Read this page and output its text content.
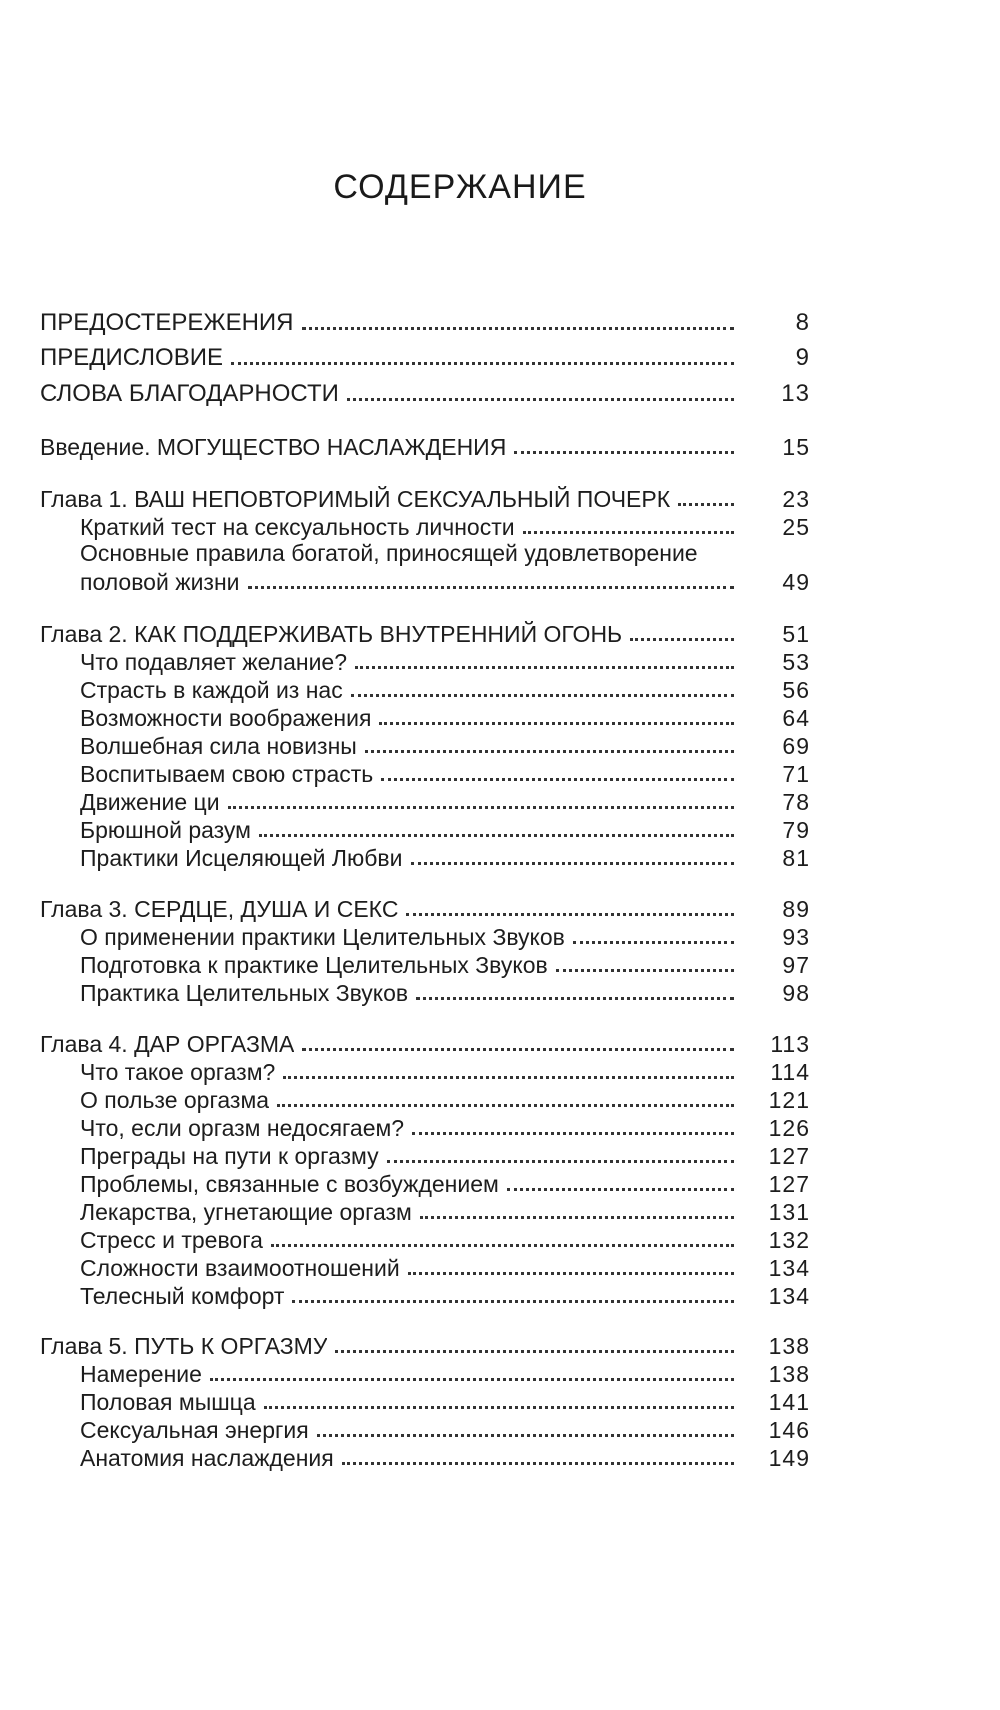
СОДЕРЖАНИЕ
ПРЕДОСТЕРЕЖЕНИЯ	8
ПРЕДИСЛОВИЕ	9
СЛОВА БЛАГОДАРНОСТИ	13
Введение. МОГУЩЕСТВО НАСЛАЖДЕНИЯ	15
Глава 1. ВАШ НЕПОВТОРИМЫЙ СЕКСУАЛЬНЫЙ ПОЧЕРК	23
Краткий тест на сексуальность личности	25
Основные правила богатой, приносящей удовлетворение
половой жизни	49
Глава 2. КАК ПОДДЕРЖИВАТЬ ВНУТРЕННИЙ ОГОНЬ	51
Что подавляет желание?	53
Страсть в каждой из нас	56
Возможности воображения	64
Волшебная сила новизны	69
Воспитываем свою страсть	71
Движение ци	78
Брюшной разум	79
Практики Исцеляющей Любви	81
Глава 3. СЕРДЦЕ, ДУША И СЕКС	89
О применении практики Целительных Звуков	93
Подготовка к практике Целительных Звуков	97
Практика Целительных Звуков	98
Глава 4. ДАР ОРГАЗМА	113
Что такое оргазм?	114
О пользе оргазма	121
Что, если оргазм недосягаем?	126
Преграды на пути к оргазму	127
Проблемы, связанные с возбуждением	127
Лекарства, угнетающие оргазм	131
Стресс и тревога	132
Сложности взаимоотношений	134
Телесный комфорт	134
Глава 5. ПУТЬ К ОРГАЗМУ	138
Намерение	138
Половая мышца	141
Сексуальная энергия	146
Анатомия наслаждения	149
